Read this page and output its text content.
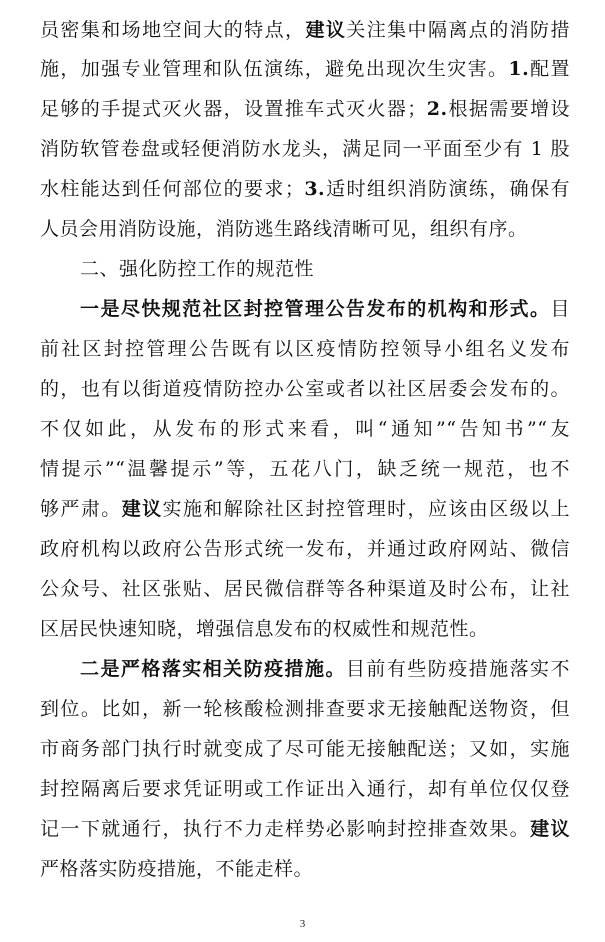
员密集和场地空间大的特点，建议关注集中隔离点的消防措
施，加强专业管理和队伍演练，避免出现次生灾害。1.配置
足够的手提式灭火器，设置推车式灭火器；2.根据需要增设
消防软管卷盘或轻便消防水龙头，满足同一平面至少有 1 股
水柱能达到任何部位的要求；3.适时组织消防演练，确保有
人员会用消防设施，消防逃生路线清晰可见，组织有序。
二、强化防控工作的规范性
一是尽快规范社区封控管理公告发布的机构和形式。目
前社区封控管理公告既有以区疫情防控领导小组名义发布
的，也有以街道疫情防控办公室或者以社区居委会发布的。
不仅如此，从发布的形式来看，叫“通知”“告知书”“友
情提示”“温馨提示”等，五花八门，缺乏统一规范，也不
够严肃。建议实施和解除社区封控管理时，应该由区级以上
政府机构以政府公告形式统一发布，并通过政府网站、微信
公众号、社区张贴、居民微信群等各种渠道及时公布，让社
区居民快速知晓，增强信息发布的权威性和规范性。
二是严格落实相关防疫措施。目前有些防疫措施落实不
到位。比如，新一轮核酸检测排查要求无接触配送物资，但
市商务部门执行时就变成了尽可能无接触配送；又如，实施
封控隔离后要求凭证明或工作证出入通行，却有单位仅仅登
记一下就通行，执行不力走样势必影响封控排查效果。建议
严格落实防疫措施，不能走样。
3
